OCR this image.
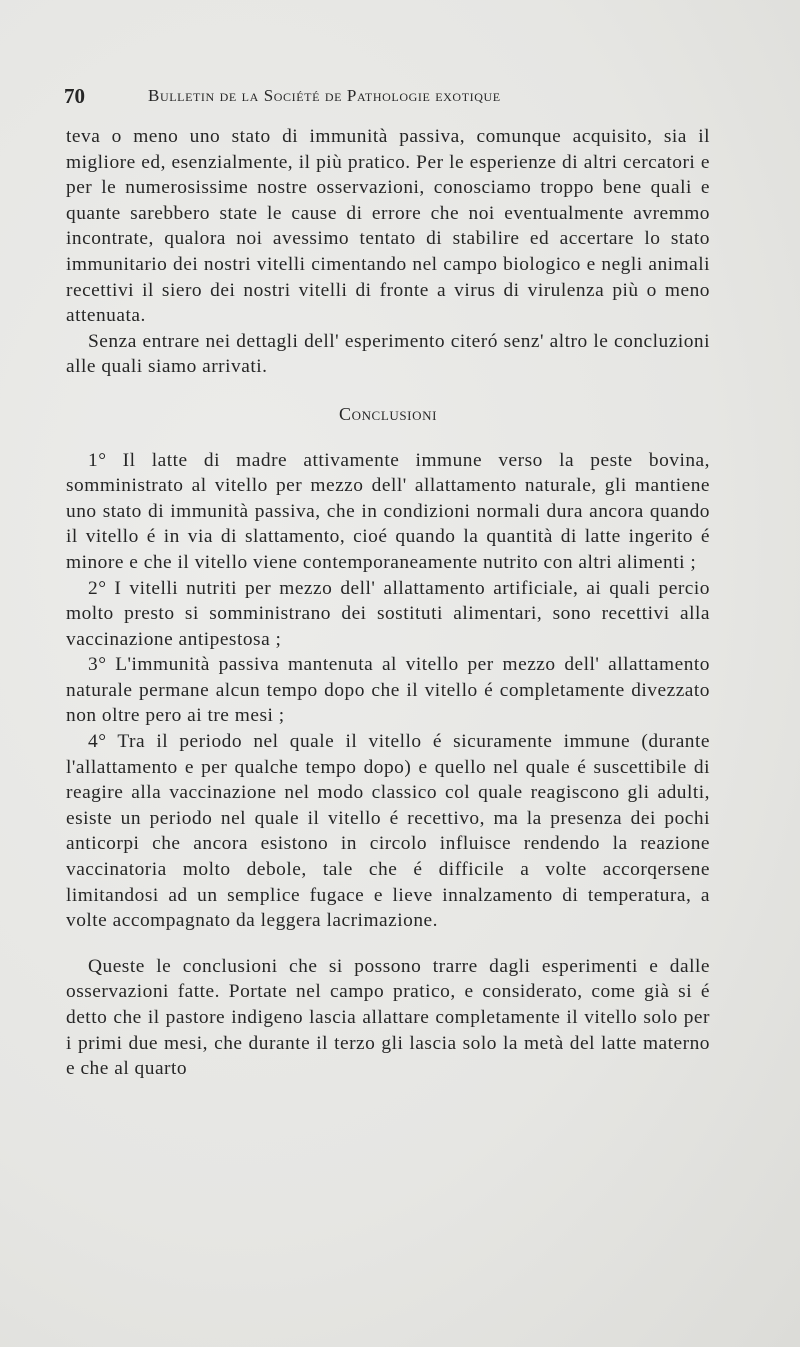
70	Bulletin de la Société de Pathologie exotique

teva o meno uno stato di immunità passiva, comunque acquisito, sia il migliore ed, esenzialmente, il più pratico. Per le esperienze di altri cercatori e per le numerosissime nostre osservazioni, conosciamo troppo bene quali e quante sarebbero state le cause di errore che noi eventualmente avremmo incontrate, qualora noi avessimo tentato di stabilire ed accertare lo stato immunitario dei nostri vitelli cimentando nel campo biologico e negli animali recettivi il siero dei nostri vitelli di fronte a virus di virulenza più o meno attenuata.

Senza entrare nei dettagli dell' esperimento citeró senz' altro le concluzioni alle quali siamo arrivati.

Conclusioni

1° Il latte di madre attivamente immune verso la peste bovina, somministrato al vitello per mezzo dell' allattamento naturale, gli mantiene uno stato di immunità passiva, che in condizioni normali dura ancora quando il vitello é in via di slattamento, cioé quando la quantità di latte ingerito é minore e che il vitello viene contemporaneamente nutrito con altri alimenti ;

2° I vitelli nutriti per mezzo dell' allattamento artificiale, ai quali percio molto presto si somministrano dei sostituti alimentari, sono recettivi alla vaccinazione antipestosa ;

3° L'immunità passiva mantenuta al vitello per mezzo dell' allattamento naturale permane alcun tempo dopo che il vitello é completamente divezzato non oltre pero ai tre mesi ;

4° Tra il periodo nel quale il vitello é sicuramente immune (durante l'allattamento e per qualche tempo dopo) e quello nel quale é suscettibile di reagire alla vaccinazione nel modo classico col quale reagiscono gli adulti, esiste un periodo nel quale il vitello é recettivo, ma la presenza dei pochi anticorpi che ancora esistono in circolo influisce rendendo la reazione vaccinatoria molto debole, tale che é difficile a volte accorqersene limitandosi ad un semplice fugace e lieve innalzamento di temperatura, a volte accompagnato da leggera lacrimazione.

Queste le conclusioni che si possono trarre dagli esperimenti e dalle osservazioni fatte. Portate nel campo pratico, e considerato, come già si é detto che il pastore indigeno lascia allattare completamente il vitello solo per i primi due mesi, che durante il terzo gli lascia solo la metà del latte materno e che al quarto
